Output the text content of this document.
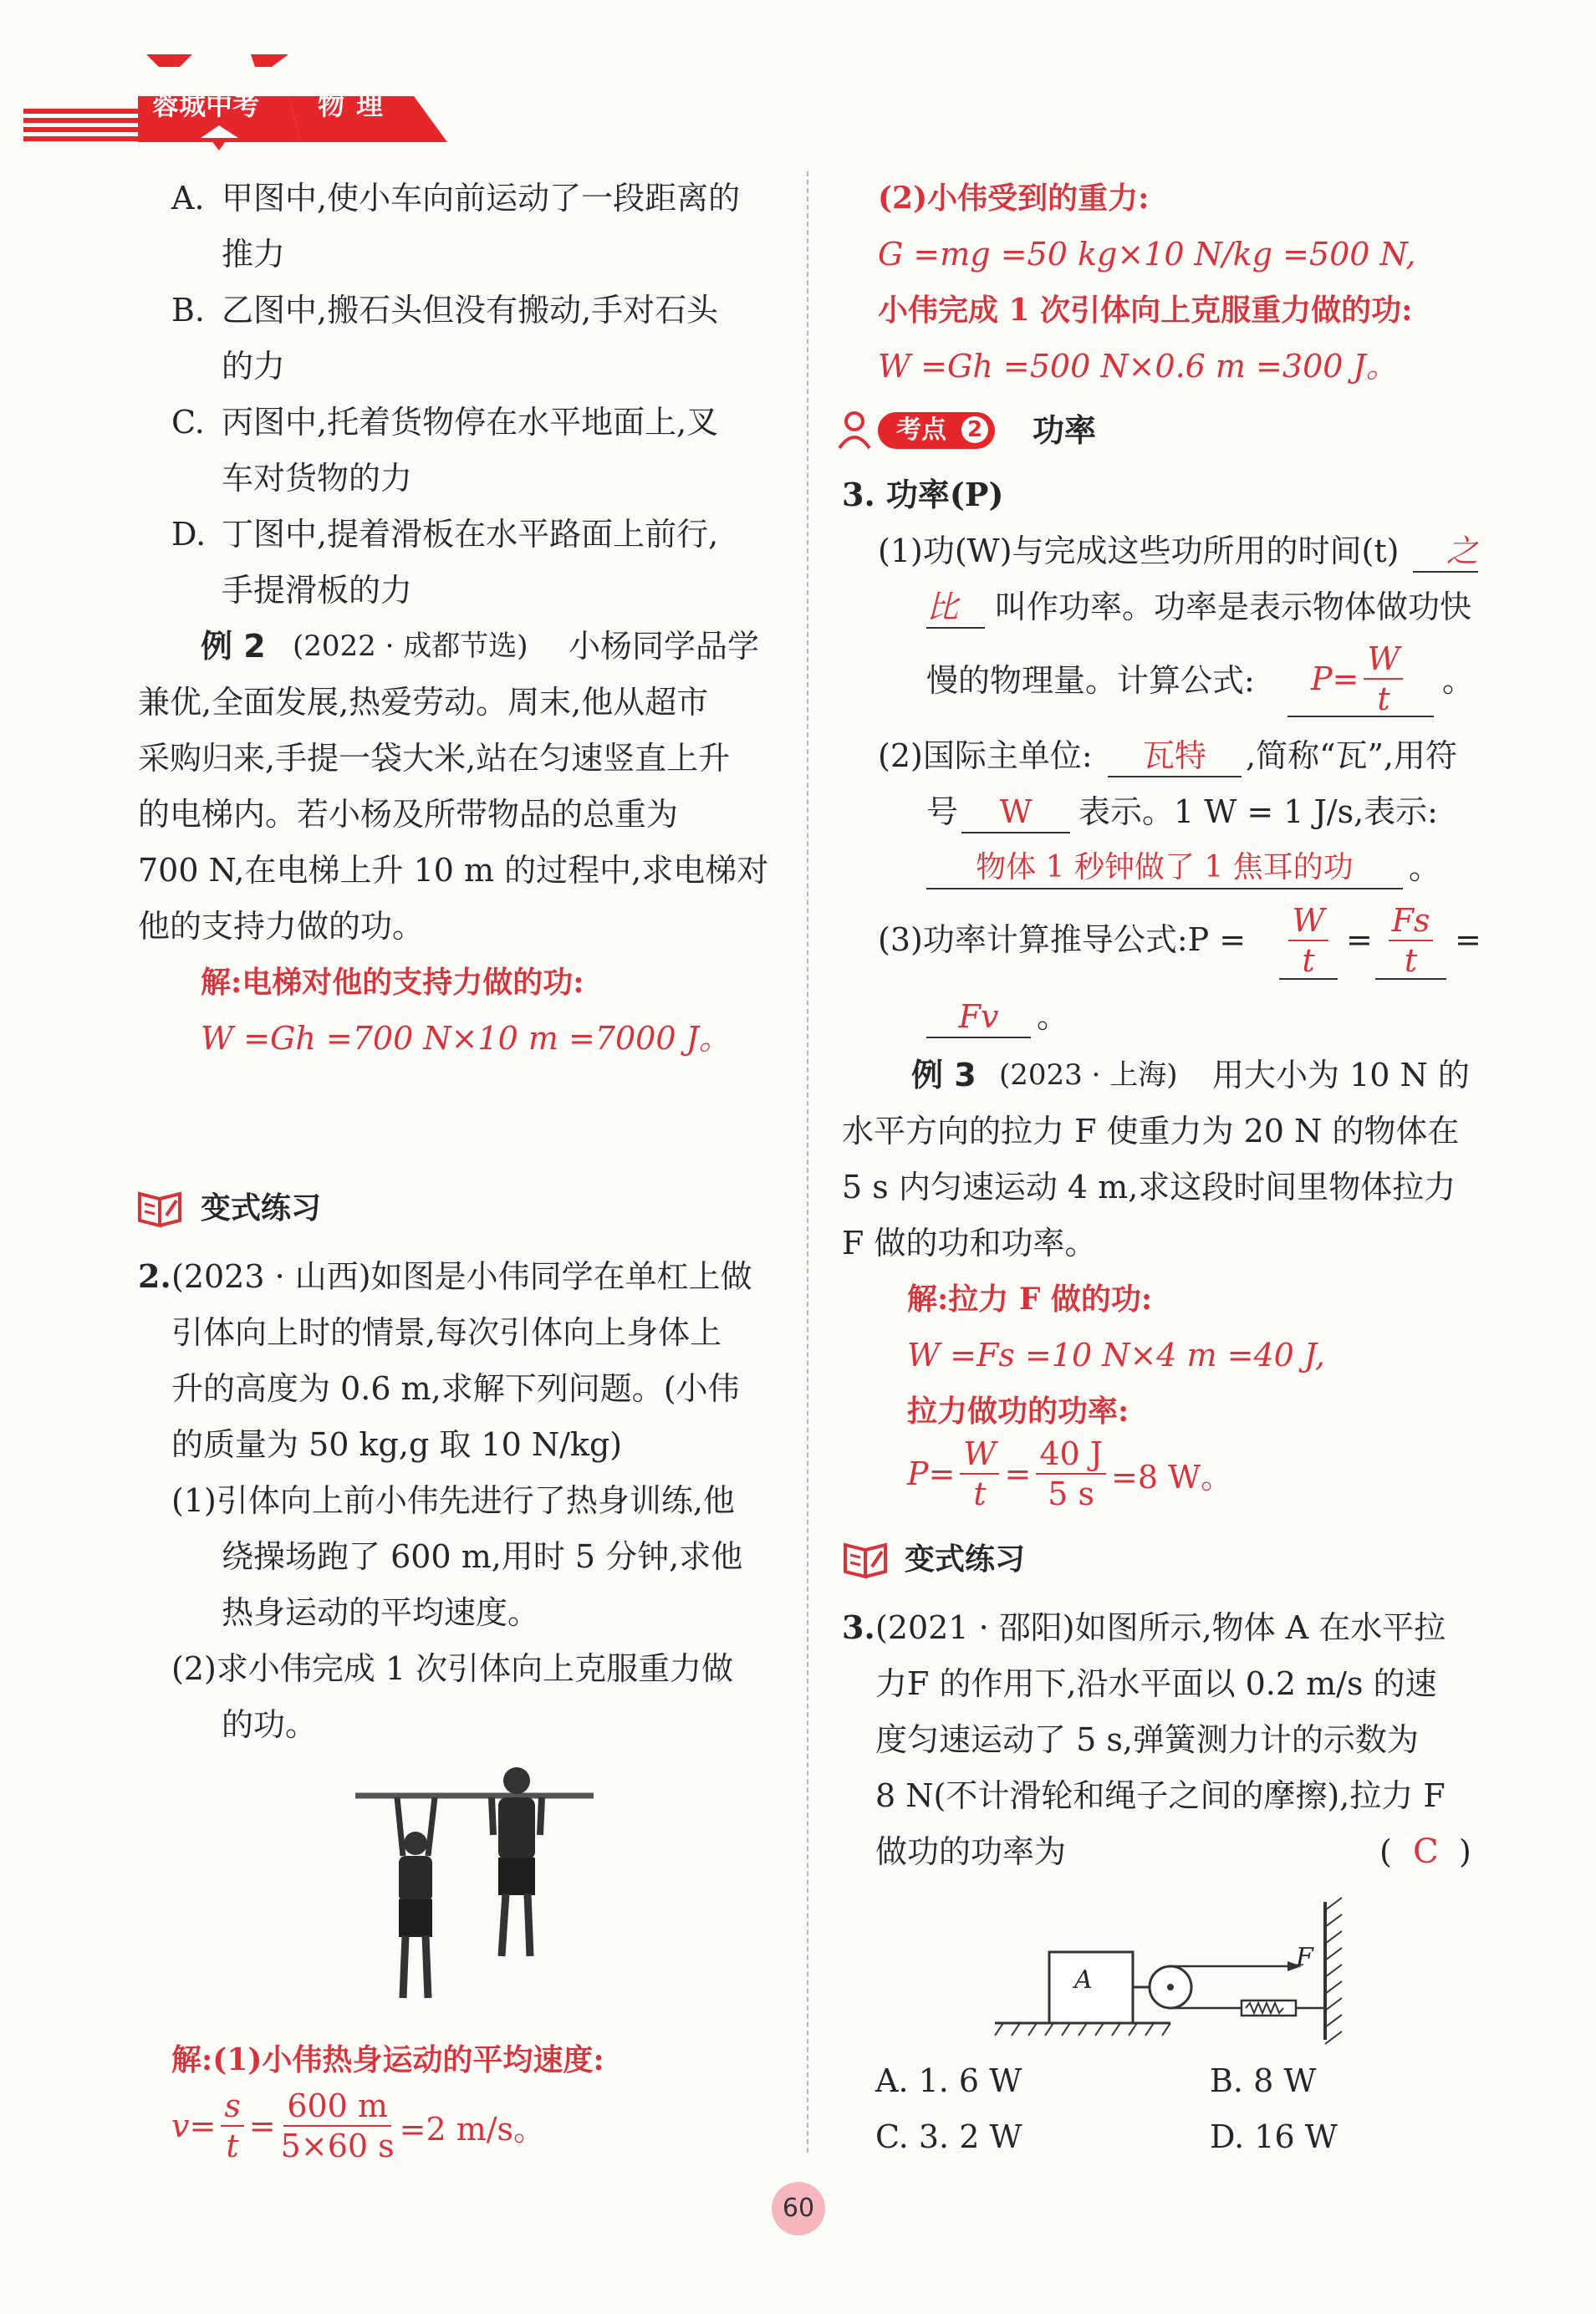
蓉城中考 物理
A. 甲图中,使小车向前运动了一段距离的
推力
B. 乙图中,搬石头但没有搬动,手对石头
的力
C. 丙图中,托着货物停在水平地面上,叉
车对货物的力
D. 丁图中,提着滑板在水平路面上前行,
手提滑板的力
例 2 (2022 · 成都节选) 小杨同学品学
兼优,全面发展,热爱劳动。周末,他从超市
采购归来,手提一袋大米,站在匀速竖直上升
的电梯内。若小杨及所带物品的总重为
700 N,在电梯上升 10 m 的过程中,求电梯对
他的支持力做的功。
解:电梯对他的支持力做的功:
W =Gh =700 N×10 m =7000 J。
变式练习
2. (2023 · 山西)如图是小伟同学在单杠上做
引体向上时的情景,每次引体向上身体上
升的高度为 0.6 m,求解下列问题。(小伟
的质量为 50 kg,g 取 10 N/kg)
(1)引体向上前小伟先进行了热身训练,他
绕操场跑了 600 m,用时 5 分钟,求他
热身运动的平均速度。
(2)求小伟完成 1 次引体向上克服重力做
的功。
解:(1)小伟热身运动的平均速度:
$v = \frac{s}{t} = \frac{600 m}{5\times 60 s} =2$ m/s。
(2)小伟受到的重力:
G =mg =50 kg×10 N/kg =500 N,
小伟完成 1 次引体向上克服重力做的功:
W =Gh =500 N×0.6 m =300 J。
考点 2 功率
3. 功率(P)
(1)功(W)与完成这些功所用的时间(t)	之
比	叫作功率。功率是表示物体做功快
慢的物理量。计算公式: $P = \frac{W}{t}$ 。
(2)国际主单位:	瓦特	,简称“瓦”,用符
号	W	表示。1 W = 1 J/s,表示:
物体 1 秒钟做了 1 焦耳的功	。
(3)功率计算推导公式:P = $\frac{W}{t} = \frac{Fs}{t}$ =
Fv	。
例 3 (2023 · 上海) 用大小为 10 N 的
水平方向的拉力 F 使重力为 20 N 的物体在
5 s 内匀速运动 4 m,求这段时间里物体拉力
F 做的功和功率。
解:拉力 F 做的功:
W =Fs =10 N×4 m =40 J,
拉力做功的功率:
$P = \frac{W}{t} = \frac{40 J}{5 s} =8$ W。
变式练习
3. (2021 · 邵阳)如图所示,物体 A 在水平拉
力F 的作用下,沿水平面以 0.2 m/s 的速
度匀速运动了 5 s,弹簧测力计的示数为
8 N(不计滑轮和绳子之间的摩擦),拉力 F
做功的功率为	( C )
A
F
A. 1. 6 W	B. 8 W
C. 3. 2 W	D. 16 W
60
